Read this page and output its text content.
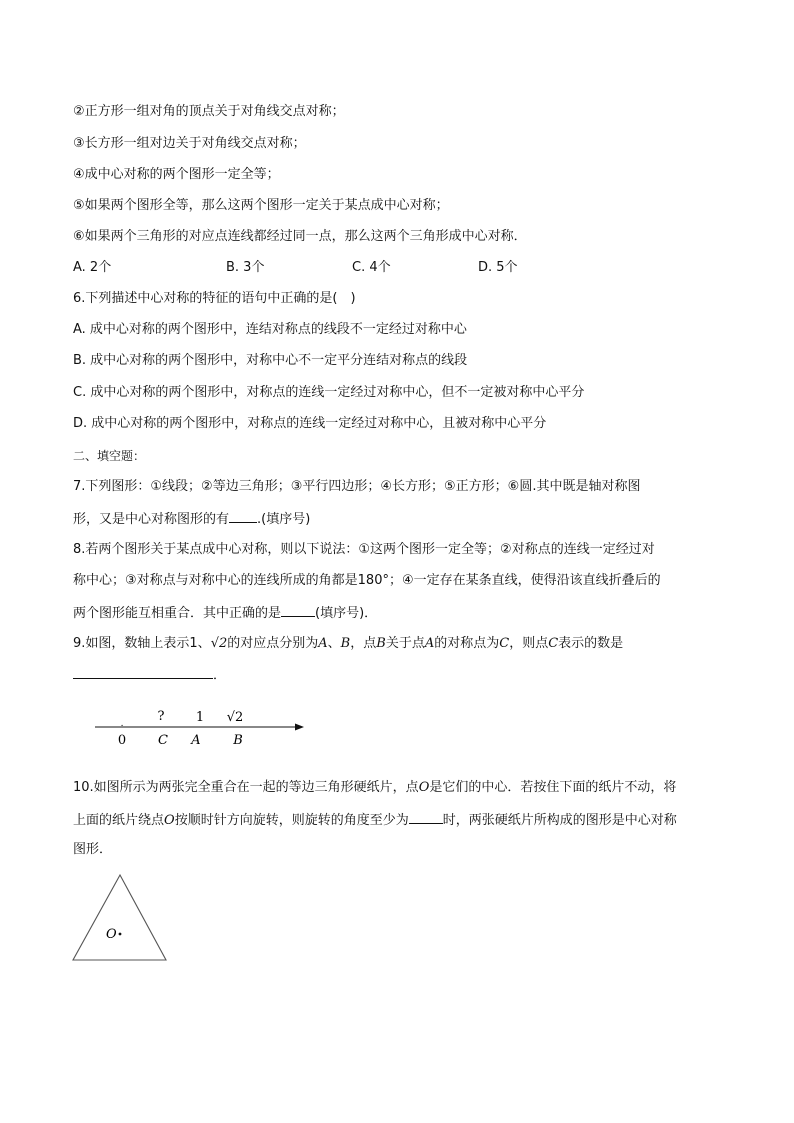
②正方形一组对角的顶点关于对角线交点对称；
③长方形一组对边关于对角线交点对称；
④成中心对称的两个图形一定全等；
⑤如果两个图形全等，那么这两个图形一定关于某点成中心对称；
⑥如果两个三角形的对应点连线都经过同一点，那么这两个三角形成中心对称．
A. 2个	B. 3个	C. 4个	D. 5个
6.下列描述中心对称的特征的语句中正确的是(　)
A. 成中心对称的两个图形中，连结对称点的线段不一定经过对称中心
B. 成中心对称的两个图形中，对称中心不一定平分连结对称点的线段
C. 成中心对称的两个图形中，对称点的连线一定经过对称中心，但不一定被对称中心平分
D. 成中心对称的两个图形中，对称点的连线一定经过对称中心，且被对称中心平分
二、填空题：
7.下列图形：①线段；②等边三角形；③平行四边形；④长方形；⑤正方形；⑥圆.其中既是轴对称图
形，又是中心对称图形的有 .(填序号)
8.若两个图形关于某点成中心对称，则以下说法：①这两个图形一定全等；②对称点的连线一定经过对
称中心；③对称点与对称中心的连线所成的角都是180°；④一定存在某条直线，使得沿该直线折叠后的
两个图形能互相重合．其中正确的是	(填序号)．
9.如图，数轴上表示1、√2的对应点分别为A、B，点B关于点A的对称点为C，则点C表示的数是
．
0
? 1 √2
C A	B
.
10.如图所示为两张完全重合在一起的等边三角形硬纸片，点O是它们的中心．若按住下面的纸片不动，将
上面的纸片绕点O按顺时针方向旋转，则旋转的角度至少为	时，两张硬纸片所构成的图形是中心对称
图形．
O
